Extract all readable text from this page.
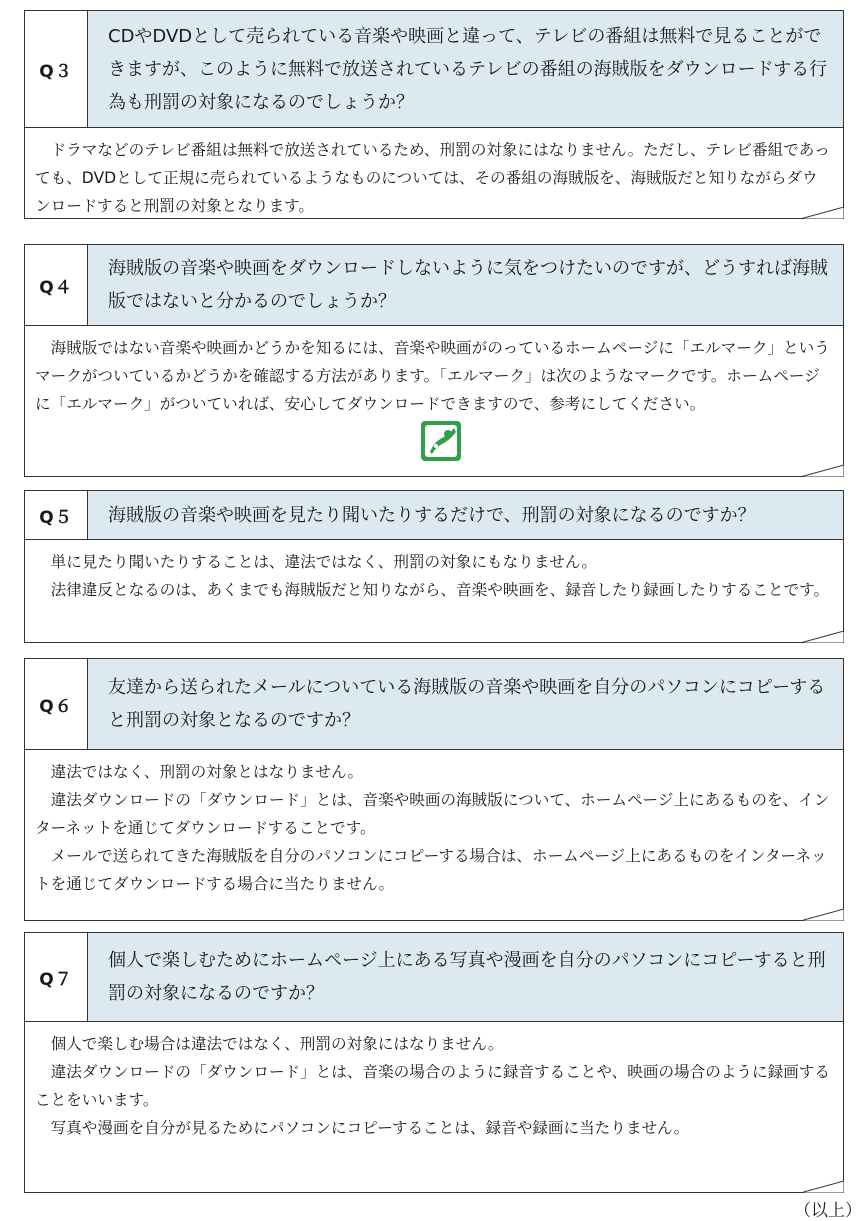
Q３
CDやDVDとして売られている音楽や映画と違って、テレビの番組は無料で見ることができますが、このように無料で放送されているテレビの番組の海賊版をダウンロードする行為も刑罰の対象になるのでしょうか？

ドラマなどのテレビ番組は無料で放送されているため、刑罰の対象にはなりません。ただし、テレビ番組であっても、DVDとして正規に売られているようなものについては、その番組の海賊版を、海賊版だと知りながらダウンロードすると刑罰の対象となります。

Q４
海賊版の音楽や映画をダウンロードしないように気をつけたいのですが、どうすれば海賊版ではないと分かるのでしょうか？

海賊版ではない音楽や映画かどうかを知るには、音楽や映画がのっているホームページに「エルマーク」というマークがついているかどうかを確認する方法があります。「エルマーク」は次のようなマークです。ホームページに「エルマーク」がついていれば、安心してダウンロードできますので、参考にしてください。

Q５	海賊版の音楽や映画を見たり聞いたりするだけで、刑罰の対象になるのですか？

単に見たり聞いたりすることは、違法ではなく、刑罰の対象にもなりません。

法律違反となるのは、あくまでも海賊版だと知りながら、音楽や映画を、録音したり録画したりすることです。

Q６
友達から送られたメールについている海賊版の音楽や映画を自分のパソコンにコピーすると刑罰の対象となるのですか？

違法ではなく、刑罰の対象とはなりません。

違法ダウンロードの「ダウンロード」とは、音楽や映画の海賊版について、ホームページ上にあるものを、インターネットを通じてダウンロードすることです。

メールで送られてきた海賊版を自分のパソコンにコピーする場合は、ホームページ上にあるものをインターネットを通じてダウンロードする場合に当たりません。

Q７
個人で楽しむためにホームページ上にある写真や漫画を自分のパソコンにコピーすると刑罰の対象になるのですか？

個人で楽しむ場合は違法ではなく、刑罰の対象にはなりません。

違法ダウンロードの「ダウンロード」とは、音楽の場合のように録音することや、映画の場合のように録画することをいいます。

写真や漫画を自分が見るためにパソコンにコピーすることは、録音や録画に当たりません。

（以上）
